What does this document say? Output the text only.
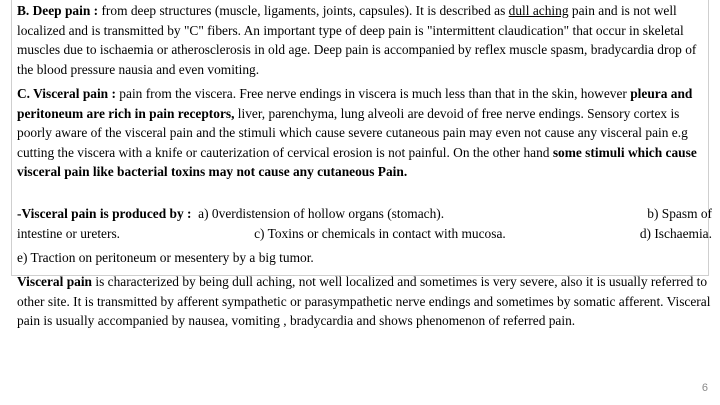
B. Deep pain : from deep structures (muscle, ligaments, joints, capsules). It is described as dull aching pain and is not well localized and is transmitted by "C" fibers. An important type of deep pain is "intermittent claudication" that occur in skeletal muscles due to ischaemia or atherosclerosis in old age. Deep pain is accompanied by reflex muscle spasm, bradycardia drop of the blood pressure nausia and even vomiting.

C. Visceral pain : pain from the viscera. Free nerve endings in viscera is much less than that in the skin, however pleura and peritoneum are rich in pain receptors, liver, parenchyma, lung alveoli are devoid of free nerve endings. Sensory cortex is poorly aware of the visceral pain and the stimuli which cause severe cutaneous pain may even not cause any visceral pain e.g cutting the viscera with a knife or cauterization of cervical erosion is not painful. On the other hand some stimuli which cause visceral pain like bacterial toxins may not cause any cutaneous Pain.

-Visceral pain is produced by : a) 0verdistension of hollow organs (stomach).	b) Spasm of
intestine or ureters.	c) Toxins or chemicals in contact with mucosa.	d) Ischaemia.

e) Traction on peritoneum or mesentery by a big tumor.

Visceral pain is characterized by being dull aching, not well localized and sometimes is very severe, also it is usually referred to other site. It is transmitted by afferent sympathetic or parasympathetic nerve endings and sometimes by somatic afferent. Visceral pain is usually accompanied by nausea, vomiting , bradycardia and shows phenomenon of referred pain.

6
